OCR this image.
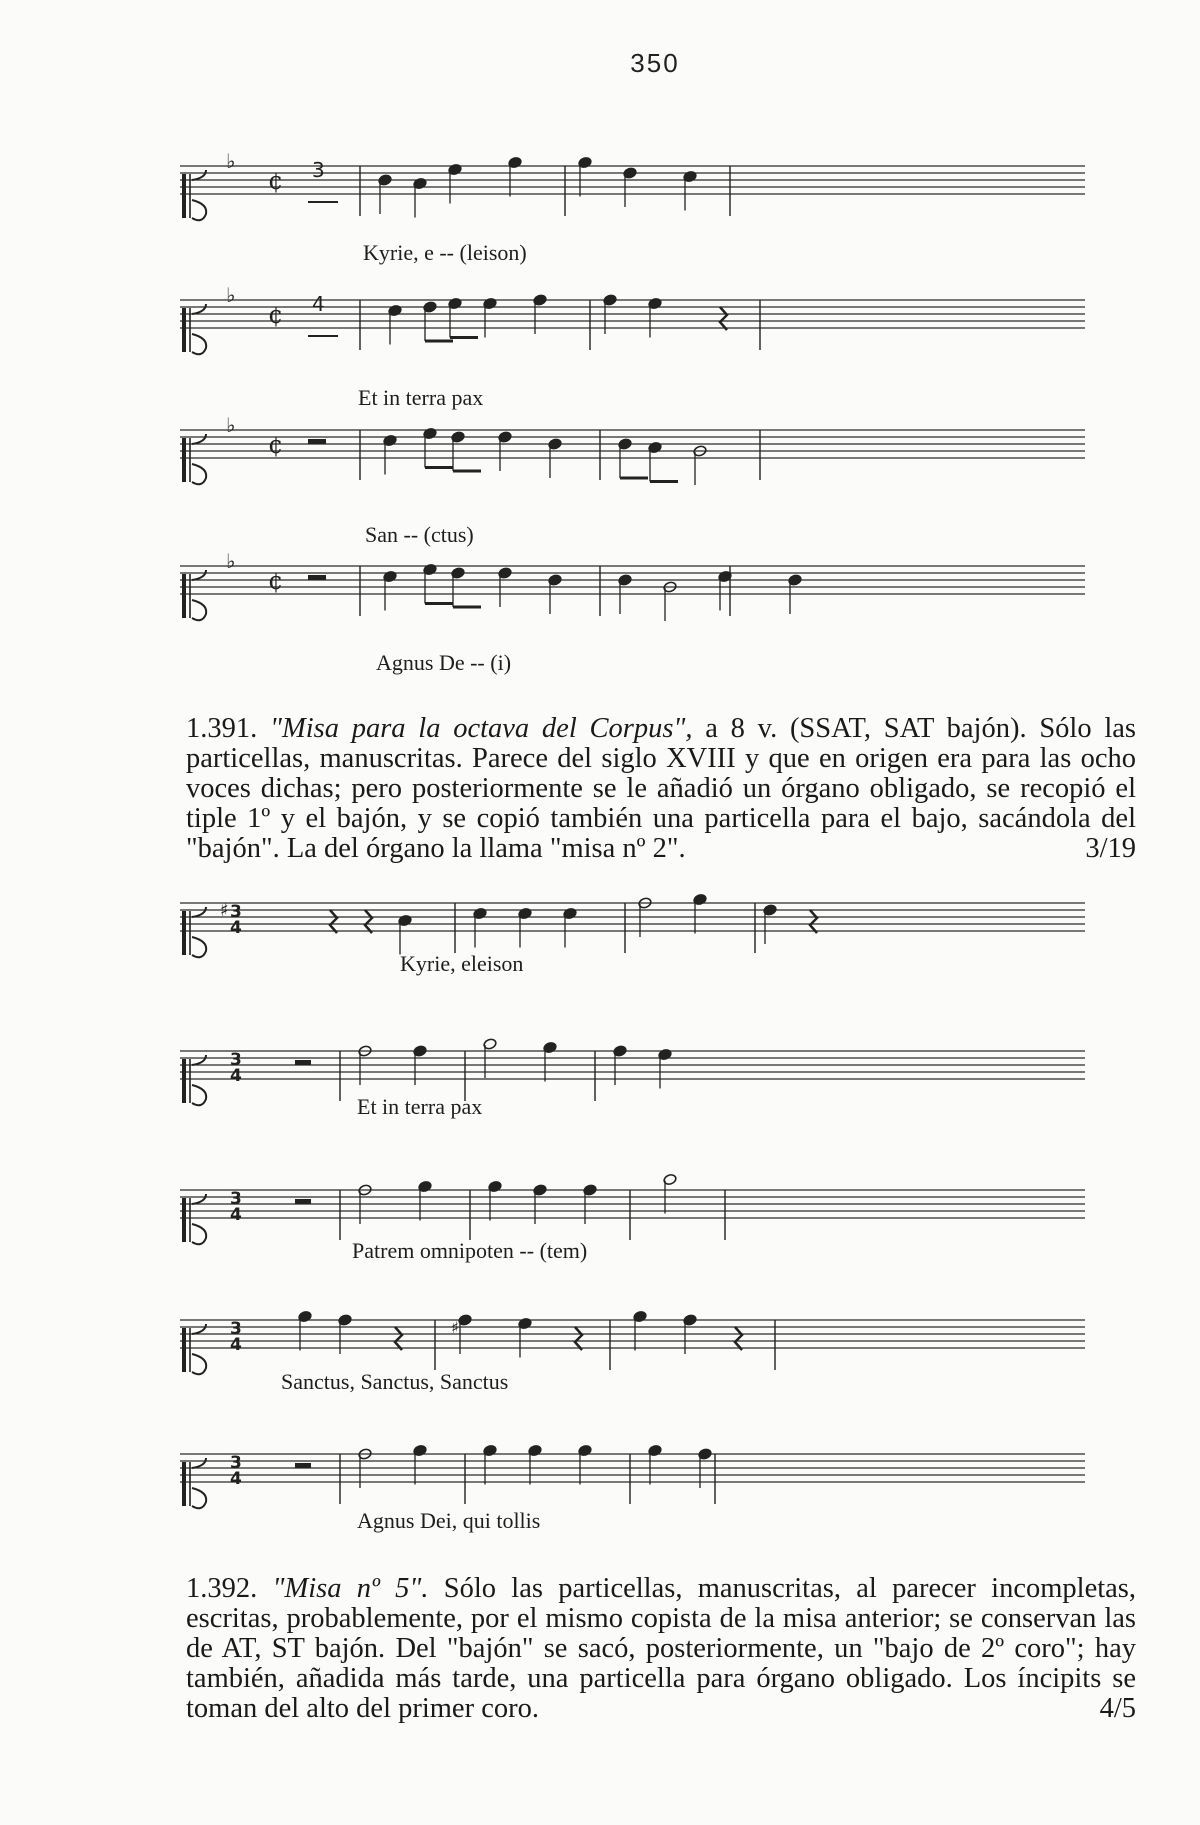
350
♭
¢ 3
Kyrie, e -- (leison)
♭
¢ 4
Et in terra pax
♭
¢
San -- (ctus)
♭
¢
Agnus De -- (i)
1.391. "Misa para la octava del Corpus", a 8 v. (SSAT, SAT bajón). Sólo las particellas, manuscritas. Parece del siglo XVIII y que en origen era para las ocho voces dichas; pero posteriormente se le añadió un órgano obligado, se recopió el tiple 1º y el bajón, y se copió también una particella para el bajo, sacándola del "bajón". La del órgano la llama "misa nº 2".	3/19
♯ 3
4
Kyrie, eleison
3
4
Et in terra pax
3
4
Patrem omnipoten -- (tem)
3
4
♯
Sanctus, Sanctus, Sanctus
3
4
Agnus Dei, qui tollis
1.392. "Misa nº 5". Sólo las particellas, manuscritas, al parecer incompletas, escritas, probablemente, por el mismo copista de la misa anterior; se conservan las de AT, ST bajón. Del "bajón" se sacó, posteriormente, un "bajo de 2º coro"; hay también, añadida más tarde, una particella para órgano obligado. Los íncipits se toman del alto del primer coro.	4/5
